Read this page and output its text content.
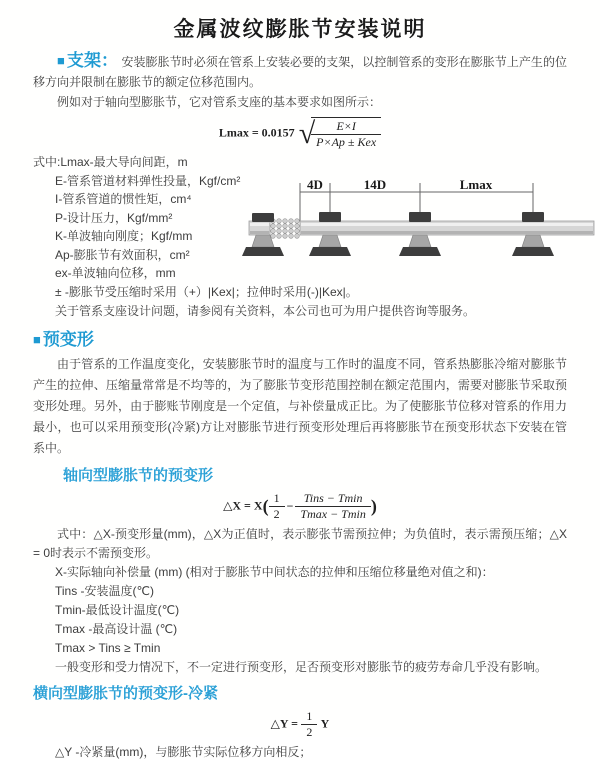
金属波纹膨胀节安装说明

■ 支架： 安装膨胀节时必须在管系上安装必要的支架，以控制管系的变形在膨胀节上产生的位移方向并限制在膨胀节的额定位移范围内。

例如对于轴向型膨胀节，它对管系支座的基本要求如图所示：

Lmax = 0.0157 √
$\frac{E\times I}{\text{P×Ap ± Kex}}$
式中:Lmax-最大导向间距，m
E-管系管道材料弹性投量，Kgf/cm²
I-管系管道的惯性矩，cm⁴
P-设计压力，Kgf/mm²
K-单波轴向刚度；Kgf/mm
Ap-膨胀节有效面积，cm²
ex-单波轴向位移，mm
4D	14D	Lmax

± -膨胀节受压缩时采用（+）|Kex|；拉伸时采用(-)|Kex|。

关于管系支座设计问题，请参阅有关资料，本公司也可为用户提供咨询等服务。

■ 预变形

由于管系的工作温度变化，安装膨胀节时的温度与工作时的温度不同，管系热膨胀冷缩对膨胀节产生的拉伸、压缩量常常是不均等的，为了膨胀节变形范围控制在额定范围内，需要对膨胀节采取预变形处理。另外，由于膨账节刚度是一个定值，与补偿量成正比。为了使膨胀节位移对管系的作用力最小，也可以采用预变形(冷紧)方让对膨胀节进行预变形处理后再将膨胀节在预变形状态下安装在管系中。

轴向型膨胀节的预变形
△X = $X( \frac{1}{2} - \frac{\text{Tins − Tmin}}{Tmax - Tmin}$ )

式中：△X-预变形量(mm)，△X为正值时，表示膨张节需预拉伸；为负值时，表示需预压缩；△X = 0时表示不需预变形。

X-实际轴向补偿量 (mm) (相对于膨胀节中间状态的拉伸和压缩位移量绝对值之和)：

Tins -安装温度(℃)

Tmin-最低设计温度(℃)

Tmax -最高设计温 (℃)

Tmax > Tins ≥ Tmin

一般变形和受力情况下，不一定进行预变形，足否预变形对膨胀节的疲劳寿命几乎没有影响。

横向型膨胀节的预变形-冷紧
△Y = $\frac{1}{2}$ Y

△Y -冷紧量(mm)，与膨胀节实际位移方向相反；
